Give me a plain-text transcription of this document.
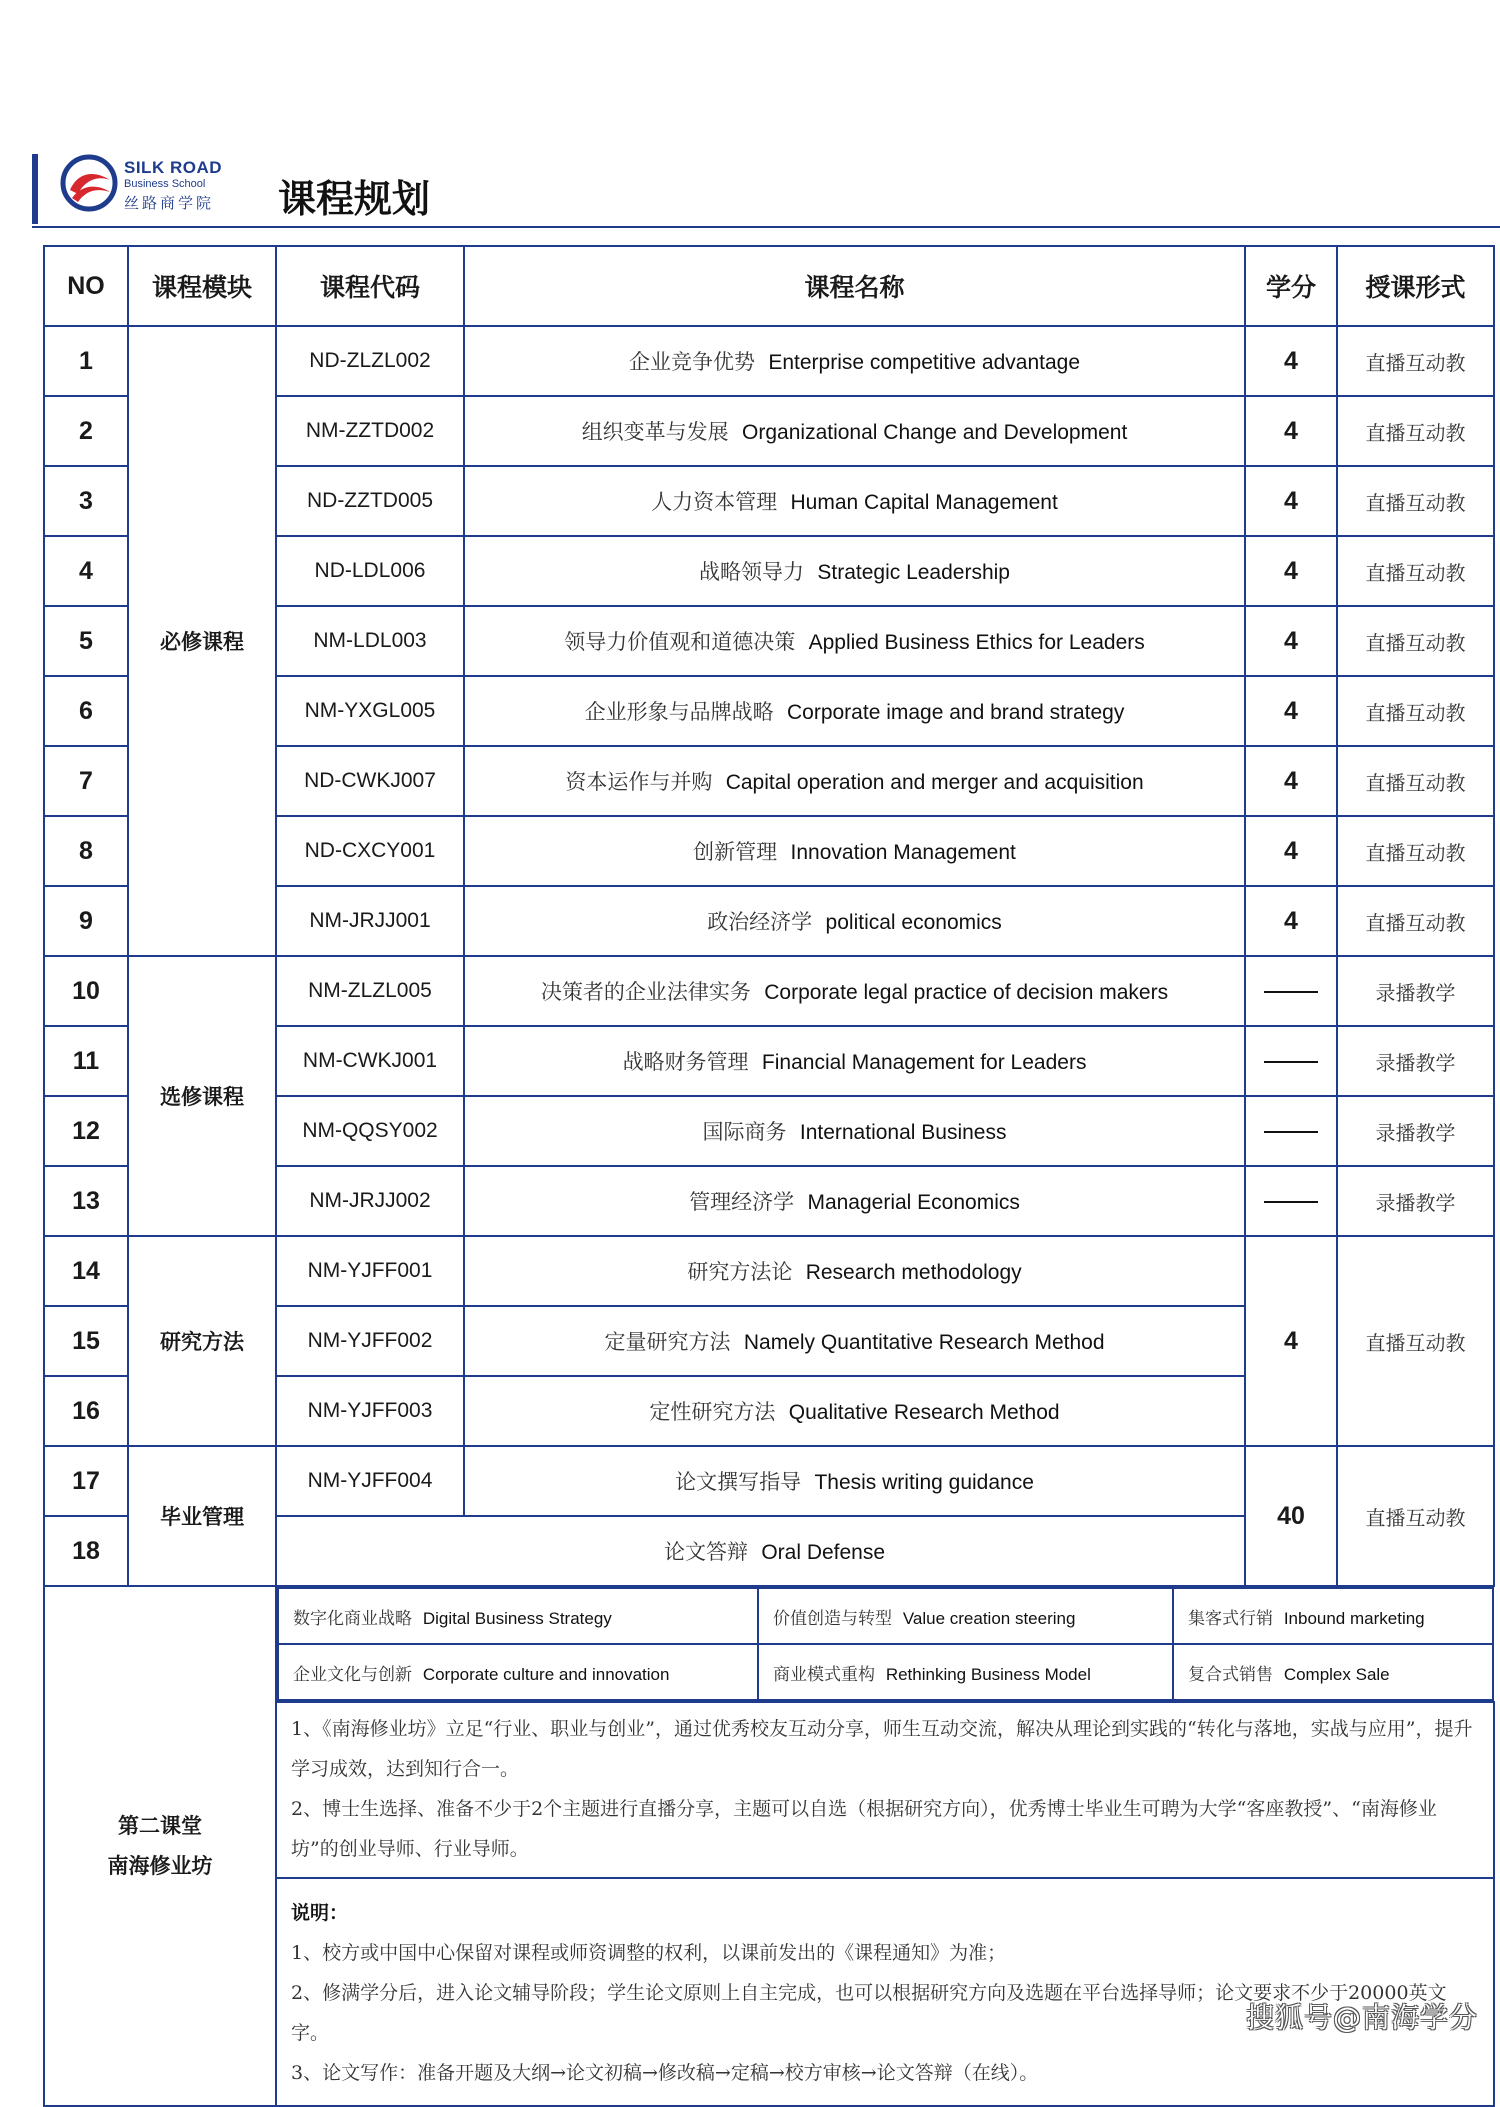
SILK ROAD
Business School
丝路商学院 课程规划
NO	课程模块	课程代码	课程名称	学分	授课形式
1	必修课程	ND-ZLZL002	企业竞争优势 Enterprise competitive advantage	4	直播互动教
2	NM-ZZTD002	组织变革与发展 Organizational Change and Development	4	直播互动教
3	ND-ZZTD005	人力资本管理 Human Capital Management	4	直播互动教
4	ND-LDL006	战略领导力 Strategic Leadership	4	直播互动教
5	NM-LDL003	领导力价值观和道德决策 Applied Business Ethics for Leaders	4	直播互动教
6	NM-YXGL005	企业形象与品牌战略 Corporate image and brand strategy	4	直播互动教
7	ND-CWKJ007	资本运作与并购 Capital operation and merger and acquisition	4	直播互动教
8	ND-CXCY001	创新管理 Innovation Management	4	直播互动教
9	NM-JRJJ001	政治经济学 political economics	4	直播互动教
10	选修课程	NM-ZLZL005	决策者的企业法律实务 Corporate legal practice of decision makers		录播教学
11	NM-CWKJ001	战略财务管理 Financial Management for Leaders		录播教学
12	NM-QQSY002	国际商务 International Business		录播教学
13	NM-JRJJ002	管理经济学 Managerial Economics		录播教学
14	研究方法	NM-YJFF001	研究方法论 Research methodology	4	直播互动教
15	NM-YJFF002	定量研究方法 Namely Quantitative Research Method
16	NM-YJFF003	定性研究方法 Qualitative Research Method
17	毕业管理	NM-YJFF004	论文撰写指导 Thesis writing guidance	40	直播互动教
18	论文答辩 Oral Defense

第二课堂
南海修业坊

数字化商业战略 Digital Business Strategy	价值创造与转型 Value creation steering	集客式行销 Inbound marketing
企业文化与创新 Corporate culture and innovation	商业模式重构 Rethinking Business Model	复合式销售 Complex Sale

1、《南海修业坊》立足“行业、职业与创业”，通过优秀校友互动分享，师生互动交流，解决从理论到实践的“转化与落地，实战与应用”，提升学习成效，达到知行合一。
2、博士生选择、准备不少于2个主题进行直播分享，主题可以自选（根据研究方向），优秀博士毕业生可聘为大学“客座教授”、“南海修业坊”的创业导师、行业导师。

说明：
1、校方或中国中心保留对课程或师资调整的权利，以课前发出的《课程通知》为准；
2、修满学分后，进入论文辅导阶段；学生论文原则上自主完成，也可以根据研究方向及选题在平台选择导师；论文要求不少于20000英文字。
3、论文写作：准备开题及大纲→论文初稿→修改稿→定稿→校方审核→论文答辩（在线）。
搜狐号@南海学分
